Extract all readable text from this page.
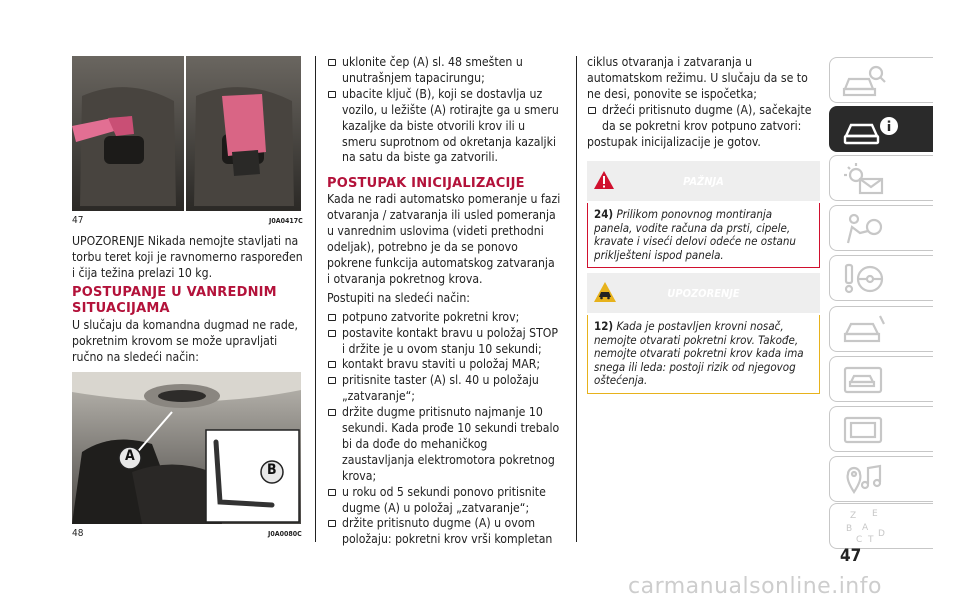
47	J0A0417C
UPOZORENJE Nikada nemojte stavljati na torbu teret koji je ravnomerno raspoređen i čija težina prelazi 10 kg.
POSTUPANJE U VANREDNIM SITUACIJAMA
U slučaju da komandna dugmad ne rade, pokretnim krovom se može upravljati ručno na sledeći način:
A
B
48	J0A0080C
uklonite čep (A) sl. 48 smešten u unutrašnjem tapacirungu;
ubacite ključ (B), koji se dostavlja uz vozilo, u ležište (A) rotirajte ga u smeru kazaljke da biste otvorili krov ili u smeru suprotnom od okretanja kazaljki na satu da biste ga zatvorili.
POSTUPAK INICIJALIZACIJE
Kada ne radi automatsko pomeranje u fazi otvaranja / zatvaranja ili usled pomeranja u vanrednim uslovima (videti prethodni odeljak), potrebno je da se ponovo pokrene funkcija automatskog zatvaranja i otvaranja pokretnog krova.
Postupiti na sledeći način:
potpuno zatvorite pokretni krov;
postavite kontakt bravu u položaj STOP i držite je u ovom stanju 10 sekundi;
kontakt bravu staviti u položaj MAR;
pritisnite taster (A) sl. 40 u položaju „zatvaranje“;
držite dugme pritisnuto najmanje 10 sekundi. Kada prođe 10 sekundi trebalo bi da dođe do mehaničkog zaustavljanja elektromotora pokretnog krova;
u roku od 5 sekundi ponovo pritisnite dugme (A) u položaj „zatvaranje“;
držite pritisnuto dugme (A) u ovom položaju: pokretni krov vrši kompletan
ciklus otvaranja i zatvaranja u automatskom režimu. U slučaju da se to ne desi, ponovite se ispočetka;
držeći pritisnuto dugme (A), sačekajte da se pokretni krov potpuno zatvori:
postupak inicijalizacije je gotov.
PAŽNJA
24) Prilikom ponovnog montiranja panela, vodite računa da prsti, cipele, kravate i viseći delovi odeće ne ostanu priklješteni ispod panela.
UPOZORENJE
12) Kada je postavljen krovni nosač, nemojte otvarati pokretni krov. Takođe, nemojte otvarati pokretni krov kada ima snega ili leda: postoji rizik od njegovog oštećenja.
Z E
B A
C
D
T
47
carmanualsonline.info
